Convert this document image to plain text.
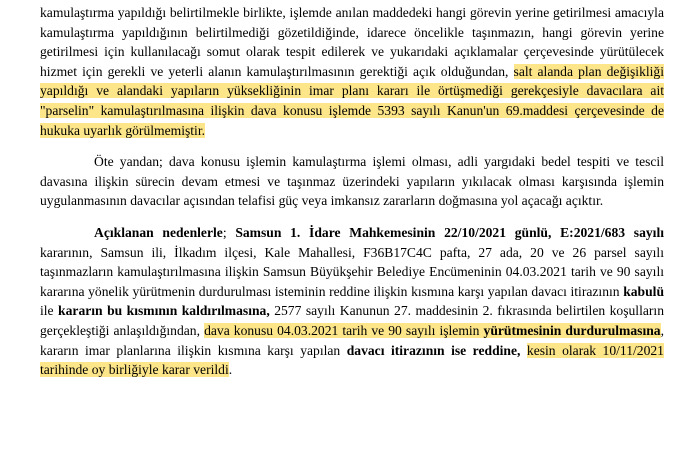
kamulaştırma yapıldığı belirtilmekle birlikte, işlemde anılan maddedeki hangi görevin yerine getirilmesi amacıyla kamulaştırma yapıldığının belirtilmediği gözetildiğinde, idarece öncelikle taşınmazın, hangi görevin yerine getirilmesi için kullanılacağı somut olarak tespit edilerek ve yukarıdaki açıklamalar çerçevesinde yürütülecek hizmet için gerekli ve yeterli alanın kamulaştırılmasının gerektiği açık olduğundan, salt alanda plan değişikliği yapıldığı ve alandaki yapıların yüksekliğinin imar planı kararı ile örtüşmediği gerekçesiyle davacılara ait "parselin" kamulaştırılmasına ilişkin dava konusu işlemde 5393 sayılı Kanun'un 69.maddesi çerçevesinde de hukuka uyarlık görülmemiştir.

Öte yandan; dava konusu işlemin kamulaştırma işlemi olması, adli yargıdaki bedel tespiti ve tescil davasına ilişkin sürecin devam etmesi ve taşınmaz üzerindeki yapıların yıkılacak olması karşısında işlemin uygulanmasının davacılar açısından telafisi güç veya imkansız zararların doğmasına yol açacağı açıktır.

Açıklanan nedenlerle; Samsun 1. İdare Mahkemesinin 22/10/2021 günlü, E:2021/683 sayılı kararının, Samsun ili, İlkadım ilçesi, Kale Mahallesi, F36B17C4C pafta, 27 ada, 20 ve 26 parsel sayılı taşınmazların kamulaştırılmasına ilişkin Samsun Büyükşehir Belediye Encümeninin 04.03.2021 tarih ve 90 sayılı kararına yönelik yürütmenin durdurulması isteminin reddine ilişkin kısmına karşı yapılan davacı itirazının kabulü ile kararın bu kısmının kaldırılmasına, 2577 sayılı Kanunun 27. maddesinin 2. fıkrasında belirtilen koşulların gerçekleştiği anlaşıldığından, dava konusu 04.03.2021 tarih ve 90 sayılı işlemin yürütmesinin durdurulmasına, kararın imar planlarına ilişkin kısmına karşı yapılan davacı itirazının ise reddine, kesin olarak 10/11/2021 tarihinde oy birliğiyle karar verildi.
